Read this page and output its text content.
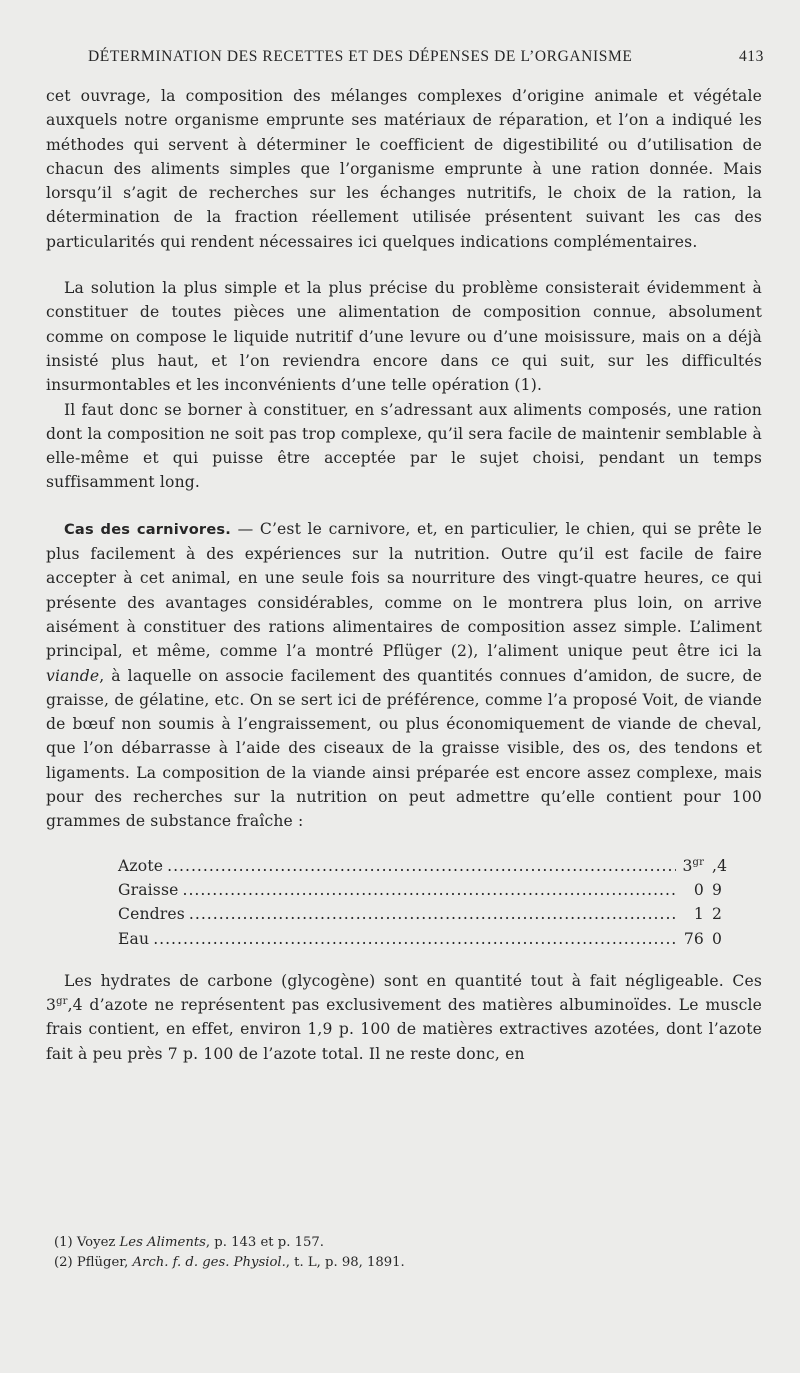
DÉTERMINATION DES RECETTES ET DES DÉPENSES DE L’ORGANISME	413

cet ouvrage, la composition des mélanges complexes d’origine animale et végétale auxquels notre organisme emprunte ses matériaux de réparation, et l’on a indiqué les méthodes qui servent à déterminer le coefficient de digestibilité ou d’utilisation de chacun des aliments simples que l’organisme emprunte à une ration donnée. Mais lorsqu’il s’agit de recherches sur les échanges nutritifs, le choix de la ration, la détermination de la fraction réellement utilisée présentent suivant les cas des particularités qui rendent nécessaires ici quelques indications complémentaires.

La solution la plus simple et la plus précise du problème consisterait évidemment à constituer de toutes pièces une alimentation de composition connue, absolument comme on compose le liquide nutritif d’une levure ou d’une moisissure, mais on a déjà insisté plus haut, et l’on reviendra encore dans ce qui suit, sur les difficultés insurmontables et les inconvénients d’une telle opération (1).

Il faut donc se borner à constituer, en s’adressant aux aliments composés, une ration dont la composition ne soit pas trop complexe, qu’il sera facile de maintenir semblable à elle-même et qui puisse être acceptée par le sujet choisi, pendant un temps suffisamment long.

Cas des carnivores. — C’est le carnivore, et, en particulier, le chien, qui se prête le plus facilement à des expériences sur la nutrition. Outre qu’il est facile de faire accepter à cet animal, en une seule fois sa nourriture des vingt-quatre heures, ce qui présente des avantages considérables, comme on le montrera plus loin, on arrive aisément à constituer des rations alimentaires de composition assez simple. L’aliment principal, et même, comme l’a montré Pflüger (2), l’aliment unique peut être ici la viande, à laquelle on associe facilement des quantités connues d’amidon, de sucre, de graisse, de gélatine, etc. On se sert ici de préférence, comme l’a proposé Voit, de viande de bœuf non soumis à l’engraissement, ou plus économiquement de viande de cheval, que l’on débarrasse à l’aide des ciseaux de la graisse visible, des os, des tendons et ligaments. La composition de la viande ainsi préparée est encore assez complexe, mais pour des recherches sur la nutrition on peut admettre qu’elle contient pour 100 grammes de substance fraîche :

Azote .....	$3^{gr}$ ,4
Graisse .....	0 9
Cendres .....	1 2
Eau .....	76 0

Les hydrates de carbone (glycogène) sont en quantité tout à fait négligeable. Ces $3^{gr},4$ d’azote ne représentent pas exclusivement des matières albuminoïdes. Le muscle frais contient, en effet, environ 1,9 p. 100 de matières extractives azotées, dont l’azote fait à peu près 7 p. 100 de l’azote total. Il ne reste donc, en

(1) Voyez Les Aliments, p. 143 et p. 157.
(2) Pflüger, Arch. f. d. ges. Physiol., t. L, p. 98, 1891.
